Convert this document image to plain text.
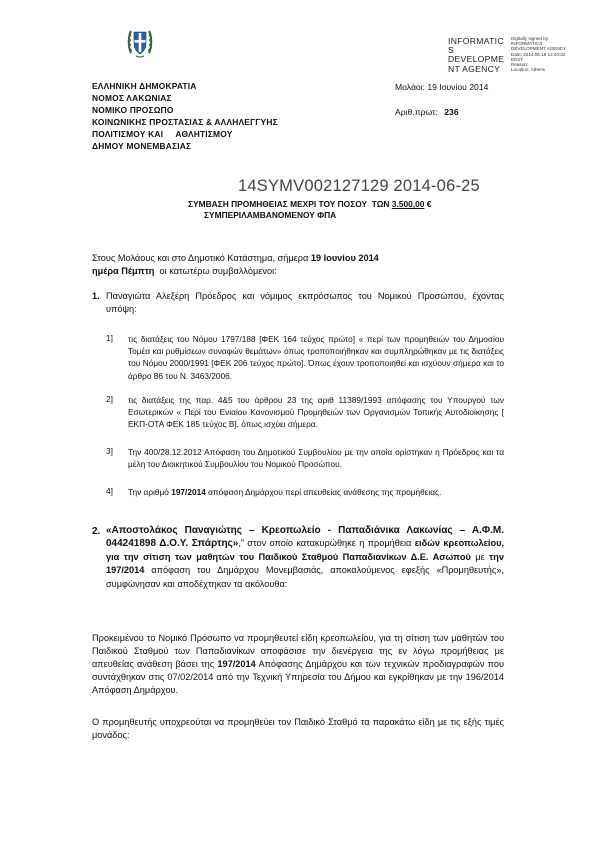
INFORMATIC
S
DEVELOPME
NT AGENCY
Digitally signed by
INFORMATICS
DEVELOPMENT AGENCY
Date: 2014.06.19 12:40:32
EEST
Reason:
Location: Athens
ΕΛΛΗΝΙΚΗ ΔΗΜΟΚΡΑΤΙΑ
ΝΟΜΟΣ ΛΑΚΩΝΙΑΣ
ΝΟΜΙΚΟ ΠΡΟΣΩΠΟ
ΚΟΙΝΩΝΙΚΗΣ ΠΡΟΣΤΑΣΙΑΣ & ΑΛΛΗΛΕΓΓΥΗΣ
ΠΟΛΙΤΙΣΜΟΥ ΚΑΙ     ΑΘΛΗΤΙΣΜΟΥ
ΔΗΜΟΥ ΜΟΝΕΜΒΑΣΙΑΣ
Μολάοι: 19 Ιουνίου 2014
Αριθ.πρωτ: 236
14SYMV002127129 2014-06-25
ΣΥΜΒΑΣΗ ΠΡΟΜΗΘΕΙΑΣ ΜΕΧΡΙ ΤΟΥ ΠΟΣΟΥ  ΤΩΝ 3.500,00 €
ΣΥΜΠΕΡΙΛΑΜΒΑΝΟΜΕΝΟΥ ΦΠΑ
Στους Μολάους και στο Δημοτικό Κατάστημα, σήμερα 19 Ιουνίου 2014
ημέρα Πέμπτη  οι κατωτέρω συμβαλλόμενοι:
1. Παναγιώτα Αλεξέρη Πρόεδρος και νόμιμος εκπρόσωπος του Νομικού Προσώπου, έχοντας υπόψη:
1] τις διατάξεις του Νόμου 1797/188 [ΦΕΚ 164 τεύχος πρώτο] « περί των προμηθειών του Δημοσίου Τομέα και ρυθμίσεων συναφών θεμάτων» όπως τροποποιήθηκαν και συμπληρώθηκαν με τις διατάξεις του Νόμου 2000/1991 [ΦΕΚ 206 τεύχος πρώτο]. Όπως έχουν τροποποιηθεί και ισχύουν σήμερα και το άρθρο 86 του Ν. 3463/2006.
2] τις διατάξεις της παρ. 4&5 του άρθρου 23 της αριθ 11389/1993 απόφασης του Υπουργού των Εσωτερικών « Περί του Ενιαίου Κανονισμού Προμηθειών των Οργανισμών Τοπικής Αυτοδιοίκησης [ ΕΚΠ-ΟΤΑ ΦΕΚ 185 τεύχος Β], όπως ισχύει σήμερα.
3] Την 400/28.12.2012 Απόφαση του Δημοτικού Συμβουλίου με την οποία ορίστηκαν η Πρόεδρος και τα μέλη του Διοικητικού Συμβουλίου του Νομικού Προσώπου.
4] Την αριθμό 197/2014 απόφαση Δημάρχου περί απευθείας ανάθεσης της προμήθειας.
2. «Αποστολάκος Παναγιώτης – Κρεοπωλείο - Παπαδιάνικα Λακωνίας – Α.Φ.Μ. 044241898 Δ.Ο.Υ. Σπάρτης»,” στον οποίο κατακυρώθηκε η προμήθεια ειδών κρεοπωλείου, για την σίτιση των μαθητών του Παιδικού Σταθμού Παπαδιανίκων Δ.Ε. Ασωπού με την 197/2014 απόφαση του Δημάρχου Μονεμβασιάς, αποκαλούμενος εφεξής «Προμηθευτής», συμφώνησαν και αποδέχτηκαν τα ακόλουθα:
Προκειμένου το Νομικό Πρόσωπο να προμηθευτεί είδη κρεοπωλείου, για τη σίτιση των μαθητών του Παιδικού Σταθμού των Παπαδιανίκων αποφάσισε την διενέργεια της εν λόγω προμήθειας με απευθείας ανάθεση βάσει της 197/2014 Απόφασης Δημάρχου και των τεχνικών προδιαγραφών που συντάχθηκαν στις 07/02/2014 από την Τεχνική Υπηρεσία του Δήμου και εγκρίθηκαν με την 196/2014 Απόφαση Δημάρχου.
Ο προμηθευτής υποχρεούται να προμηθεύει τον Παιδικό Σταθμό τα παρακάτω είδη με τις εξής τιμές μονάδος:
